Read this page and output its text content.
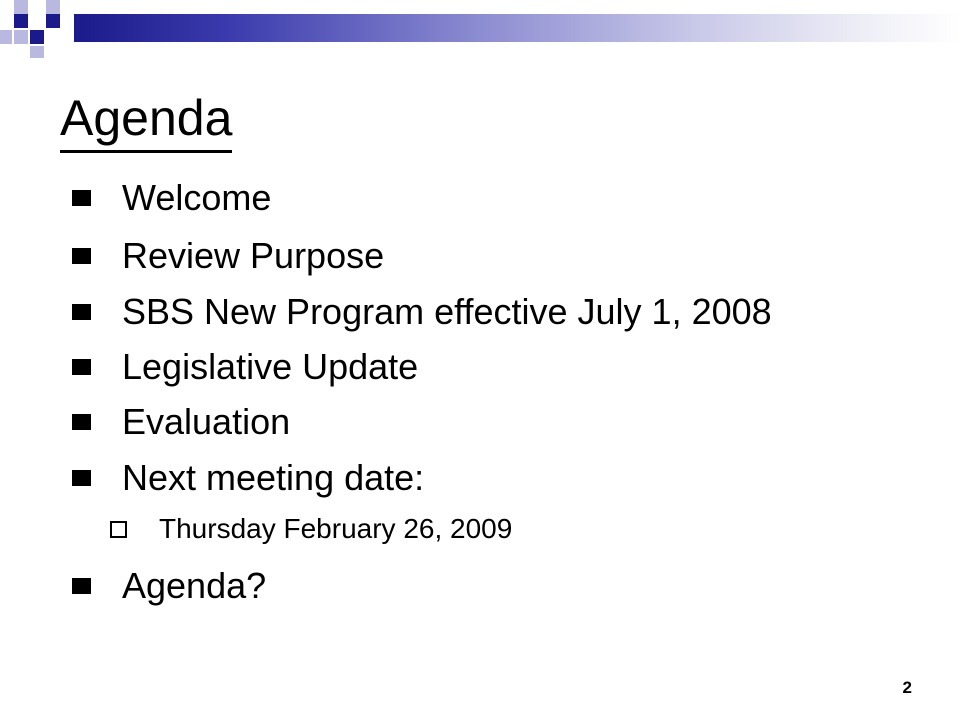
Agenda
Welcome
Review Purpose
SBS New Program effective July 1, 2008
Legislative Update
Evaluation
Next meeting date:
Thursday February 26, 2009
Agenda?
2
